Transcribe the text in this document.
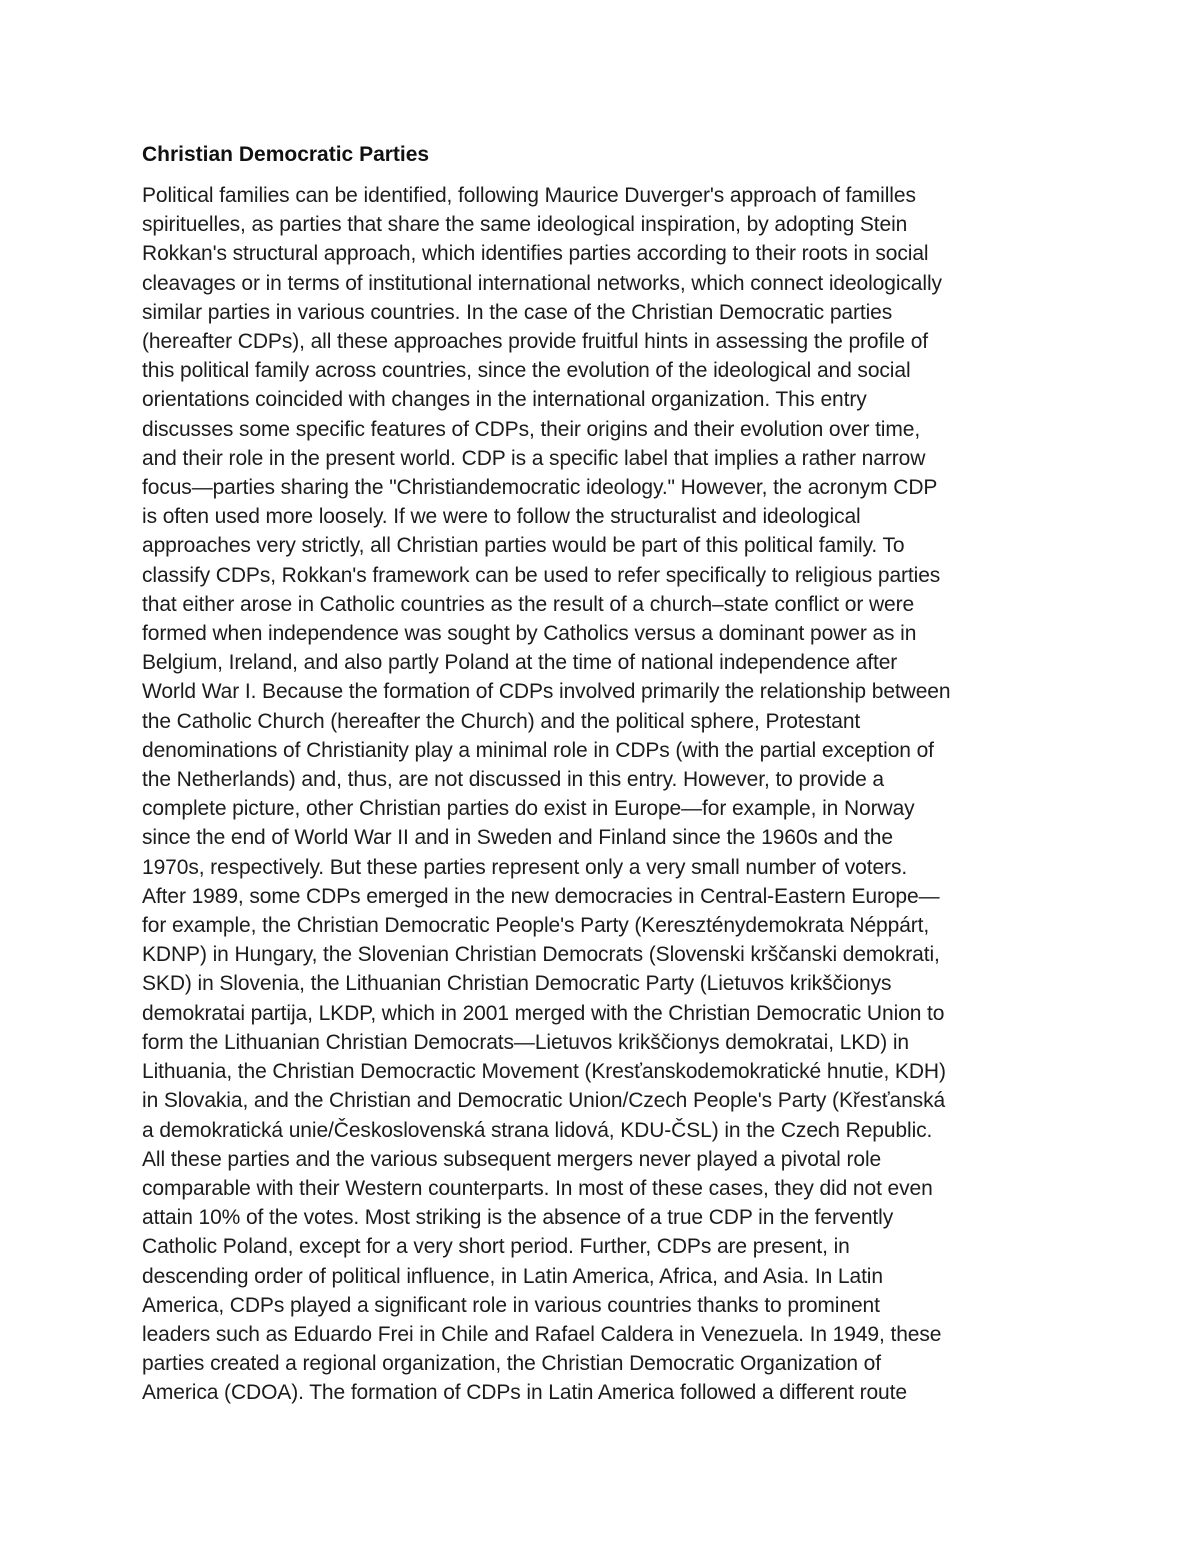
Christian Democratic Parties
Political families can be identified, following Maurice Duverger's approach of familles
spirituelles, as parties that share the same ideological inspiration, by adopting Stein
Rokkan's structural approach, which identifies parties according to their roots in social
cleavages or in terms of institutional international networks, which connect ideologically
similar parties in various countries. In the case of the Christian Democratic parties
(hereafter CDPs), all these approaches provide fruitful hints in assessing the profile of
this political family across countries, since the evolution of the ideological and social
orientations coincided with changes in the international organization. This entry
discusses some specific features of CDPs, their origins and their evolution over time,
and their role in the present world. CDP is a specific label that implies a rather narrow
focus—parties sharing the "Christiandemocratic ideology." However, the acronym CDP
is often used more loosely. If we were to follow the structuralist and ideological
approaches very strictly, all Christian parties would be part of this political family. To
classify CDPs, Rokkan's framework can be used to refer specifically to religious parties
that either arose in Catholic countries as the result of a church–state conflict or were
formed when independence was sought by Catholics versus a dominant power as in
Belgium, Ireland, and also partly Poland at the time of national independence after
World War I. Because the formation of CDPs involved primarily the relationship between
the Catholic Church (hereafter the Church) and the political sphere, Protestant
denominations of Christianity play a minimal role in CDPs (with the partial exception of
the Netherlands) and, thus, are not discussed in this entry. However, to provide a
complete picture, other Christian parties do exist in Europe—for example, in Norway
since the end of World War II and in Sweden and Finland since the 1960s and the
1970s, respectively. But these parties represent only a very small number of voters.
After 1989, some CDPs emerged in the new democracies in Central-Eastern Europe—
for example, the Christian Democratic People's Party (Kereszténydemokrata Néppárt,
KDNP) in Hungary, the Slovenian Christian Democrats (Slovenski krščanski demokrati,
SKD) in Slovenia, the Lithuanian Christian Democratic Party (Lietuvos krikščionys
demokratai partija, LKDP, which in 2001 merged with the Christian Democratic Union to
form the Lithuanian Christian Democrats—Lietuvos krikščionys demokratai, LKD) in
Lithuania, the Christian Democractic Movement (Kresťanskodemokratické hnutie, KDH)
in Slovakia, and the Christian and Democratic Union/Czech People's Party (Křesťanská
a demokratická unie/Československá strana lidová, KDU-ČSL) in the Czech Republic.
All these parties and the various subsequent mergers never played a pivotal role
comparable with their Western counterparts. In most of these cases, they did not even
attain 10% of the votes. Most striking is the absence of a true CDP in the fervently
Catholic Poland, except for a very short period. Further, CDPs are present, in
descending order of political influence, in Latin America, Africa, and Asia. In Latin
America, CDPs played a significant role in various countries thanks to prominent
leaders such as Eduardo Frei in Chile and Rafael Caldera in Venezuela. In 1949, these
parties created a regional organization, the Christian Democratic Organization of
America (CDOA). The formation of CDPs in Latin America followed a different route
